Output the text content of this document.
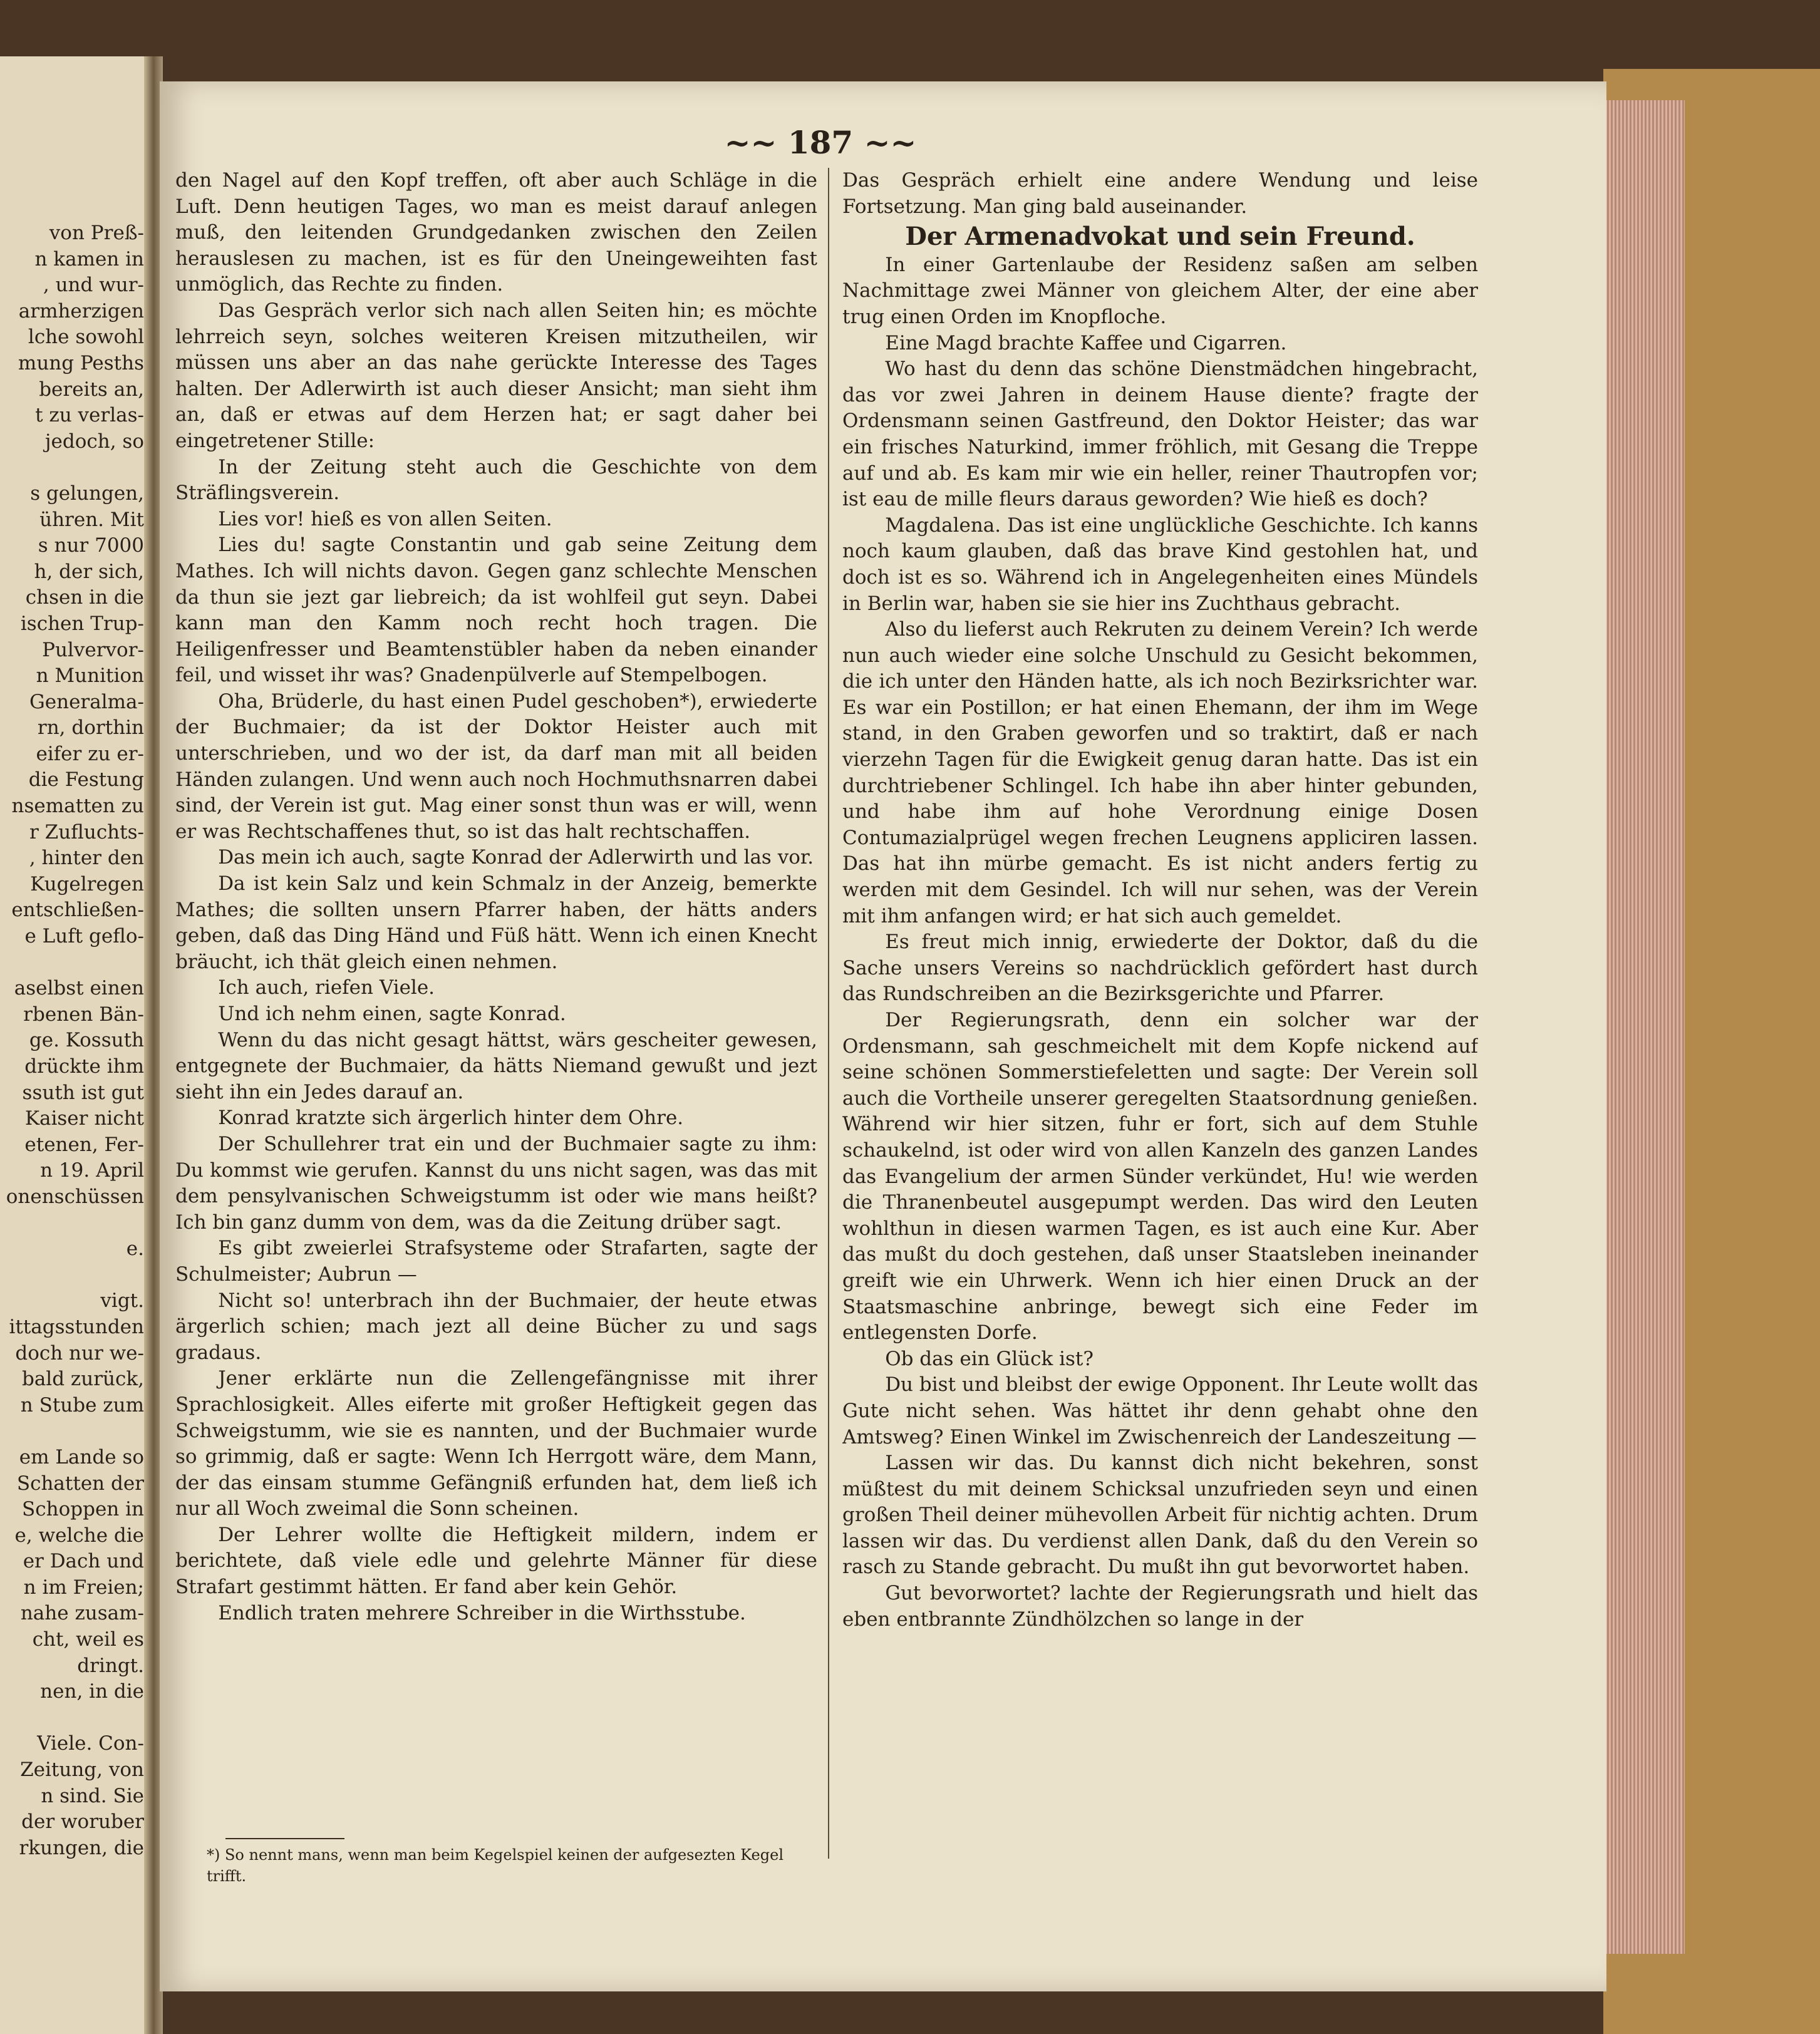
von Preß-
n kamen in
, und wur-
armherzigen
lche sowohl
mung Pesths
bereits an,
t zu verlas-
jedoch, so
s gelungen,
ühren. Mit
s nur 7000
h, der sich,
chsen in die
ischen Trup-
Pulvervor-
n Munition
Generalma-
rn, dorthin
eifer zu er-
die Festung
nsematten zu
r Zufluchts-
, hinter den
Kugelregen
entschließen-
e Luft geflo-
aselbst einen
rbenen Bän-
ge. Kossuth
drückte ihm
ssuth ist gut
Kaiser nicht
etenen, Fer-
n 19. April
onenschüssen
e.
vigt.
ittagsstunden
doch nur we-
bald zurück,
n Stube zum
em Lande so
Schatten der
Schoppen in
e, welche die
er Dach und
n im Freien;
nahe zusam-
cht, weil es
dringt.
nen, in die
Viele. Con-
Zeitung, von
n sind. Sie
der woruber
rkungen, die
~~ 187 ~~

den Nagel auf den Kopf treffen, oft aber auch Schläge in die Luft. Denn heutigen Tages, wo man es meist darauf anlegen muß, den leitenden Grundgedanken zwischen den Zeilen herauslesen zu machen, ist es für den Uneingeweihten fast unmöglich, das Rechte zu finden.

Das Gespräch verlor sich nach allen Seiten hin; es möchte lehrreich seyn, solches weiteren Kreisen mitzutheilen, wir müssen uns aber an das nahe gerückte Interesse des Tages halten. Der Adlerwirth ist auch dieser Ansicht; man sieht ihm an, daß er etwas auf dem Herzen hat; er sagt daher bei eingetretener Stille:

In der Zeitung steht auch die Geschichte von dem Sträflingsverein.

Lies vor! hieß es von allen Seiten.

Lies du! sagte Constantin und gab seine Zeitung dem Mathes. Ich will nichts davon. Gegen ganz schlechte Menschen da thun sie jezt gar liebreich; da ist wohlfeil gut seyn. Dabei kann man den Kamm noch recht hoch tragen. Die Heiligenfresser und Beamtenstübler haben da neben einander feil, und wisset ihr was? Gnadenpülverle auf Stempelbogen.

Oha, Brüderle, du hast einen Pudel geschoben*), erwiederte der Buchmaier; da ist der Doktor Heister auch mit unterschrieben, und wo der ist, da darf man mit all beiden Händen zulangen. Und wenn auch noch Hochmuthsnarren dabei sind, der Verein ist gut. Mag einer sonst thun was er will, wenn er was Rechtschaffenes thut, so ist das halt rechtschaffen.

Das mein ich auch, sagte Konrad der Adlerwirth und las vor.

Da ist kein Salz und kein Schmalz in der Anzeig, bemerkte Mathes; die sollten unsern Pfarrer haben, der hätts anders geben, daß das Ding Händ und Füß hätt. Wenn ich einen Knecht bräucht, ich thät gleich einen nehmen.

Ich auch, riefen Viele.

Und ich nehm einen, sagte Konrad.

Wenn du das nicht gesagt hättst, wärs gescheiter gewesen, entgegnete der Buchmaier, da hätts Niemand gewußt und jezt sieht ihn ein Jedes darauf an.

Konrad kratzte sich ärgerlich hinter dem Ohre.

Der Schullehrer trat ein und der Buchmaier sagte zu ihm: Du kommst wie gerufen. Kannst du uns nicht sagen, was das mit dem pensylvanischen Schweigstumm ist oder wie mans heißt? Ich bin ganz dumm von dem, was da die Zeitung drüber sagt.

Es gibt zweierlei Strafsysteme oder Strafarten, sagte der Schulmeister; Aubrun —

Nicht so! unterbrach ihn der Buchmaier, der heute etwas ärgerlich schien; mach jezt all deine Bücher zu und sags gradaus.

Jener erklärte nun die Zellengefängnisse mit ihrer Sprachlosigkeit. Alles eiferte mit großer Heftigkeit gegen das Schweigstumm, wie sie es nannten, und der Buchmaier wurde so grimmig, daß er sagte: Wenn Ich Herrgott wäre, dem Mann, der das einsam stumme Gefängniß erfunden hat, dem ließ ich nur all Woch zweimal die Sonn scheinen.

Der Lehrer wollte die Heftigkeit mildern, indem er berichtete, daß viele edle und gelehrte Männer für diese Strafart gestimmt hätten. Er fand aber kein Gehör.

Endlich traten mehrere Schreiber in die Wirthsstube.

Das Gespräch erhielt eine andere Wendung und leise Fortsetzung. Man ging bald auseinander.

Der Armenadvokat und sein Freund.

In einer Gartenlaube der Residenz saßen am selben Nachmittage zwei Männer von gleichem Alter, der eine aber trug einen Orden im Knopfloche.

Eine Magd brachte Kaffee und Cigarren.

Wo hast du denn das schöne Dienstmädchen hingebracht, das vor zwei Jahren in deinem Hause diente? fragte der Ordensmann seinen Gastfreund, den Doktor Heister; das war ein frisches Naturkind, immer fröhlich, mit Gesang die Treppe auf und ab. Es kam mir wie ein heller, reiner Thautropfen vor; ist eau de mille fleurs daraus geworden? Wie hieß es doch?

Magdalena. Das ist eine unglückliche Geschichte. Ich kanns noch kaum glauben, daß das brave Kind gestohlen hat, und doch ist es so. Während ich in Angelegenheiten eines Mündels in Berlin war, haben sie sie hier ins Zuchthaus gebracht.

Also du lieferst auch Rekruten zu deinem Verein? Ich werde nun auch wieder eine solche Unschuld zu Gesicht bekommen, die ich unter den Händen hatte, als ich noch Bezirksrichter war. Es war ein Postillon; er hat einen Ehemann, der ihm im Wege stand, in den Graben geworfen und so traktirt, daß er nach vierzehn Tagen für die Ewigkeit genug daran hatte. Das ist ein durchtriebener Schlingel. Ich habe ihn aber hinter gebunden, und habe ihm auf hohe Verordnung einige Dosen Contumazialprügel wegen frechen Leugnens appliciren lassen. Das hat ihn mürbe gemacht. Es ist nicht anders fertig zu werden mit dem Gesindel. Ich will nur sehen, was der Verein mit ihm anfangen wird; er hat sich auch gemeldet.

Es freut mich innig, erwiederte der Doktor, daß du die Sache unsers Vereins so nachdrücklich gefördert hast durch das Rundschreiben an die Bezirksgerichte und Pfarrer.

Der Regierungsrath, denn ein solcher war der Ordensmann, sah geschmeichelt mit dem Kopfe nickend auf seine schönen Sommerstiefeletten und sagte: Der Verein soll auch die Vortheile unserer geregelten Staatsordnung genießen. Während wir hier sitzen, fuhr er fort, sich auf dem Stuhle schaukelnd, ist oder wird von allen Kanzeln des ganzen Landes das Evangelium der armen Sünder verkündet, Hu! wie werden die Thranenbeutel ausgepumpt werden. Das wird den Leuten wohlthun in diesen warmen Tagen, es ist auch eine Kur. Aber das mußt du doch gestehen, daß unser Staatsleben ineinander greift wie ein Uhrwerk. Wenn ich hier einen Druck an der Staatsmaschine anbringe, bewegt sich eine Feder im entlegensten Dorfe.

Ob das ein Glück ist?

Du bist und bleibst der ewige Opponent. Ihr Leute wollt das Gute nicht sehen. Was hättet ihr denn gehabt ohne den Amtsweg? Einen Winkel im Zwischenreich der Landeszeitung —

Lassen wir das. Du kannst dich nicht bekehren, sonst müßtest du mit deinem Schicksal unzufrieden seyn und einen großen Theil deiner mühevollen Arbeit für nichtig achten. Drum lassen wir das. Du verdienst allen Dank, daß du den Verein so rasch zu Stande gebracht. Du mußt ihn gut bevorwortet haben.

Gut bevorwortet? lachte der Regierungsrath und hielt das eben entbrannte Zündhölzchen so lange in der

*) So nennt mans, wenn man beim Kegelspiel keinen der aufgesezten Kegel trifft.
